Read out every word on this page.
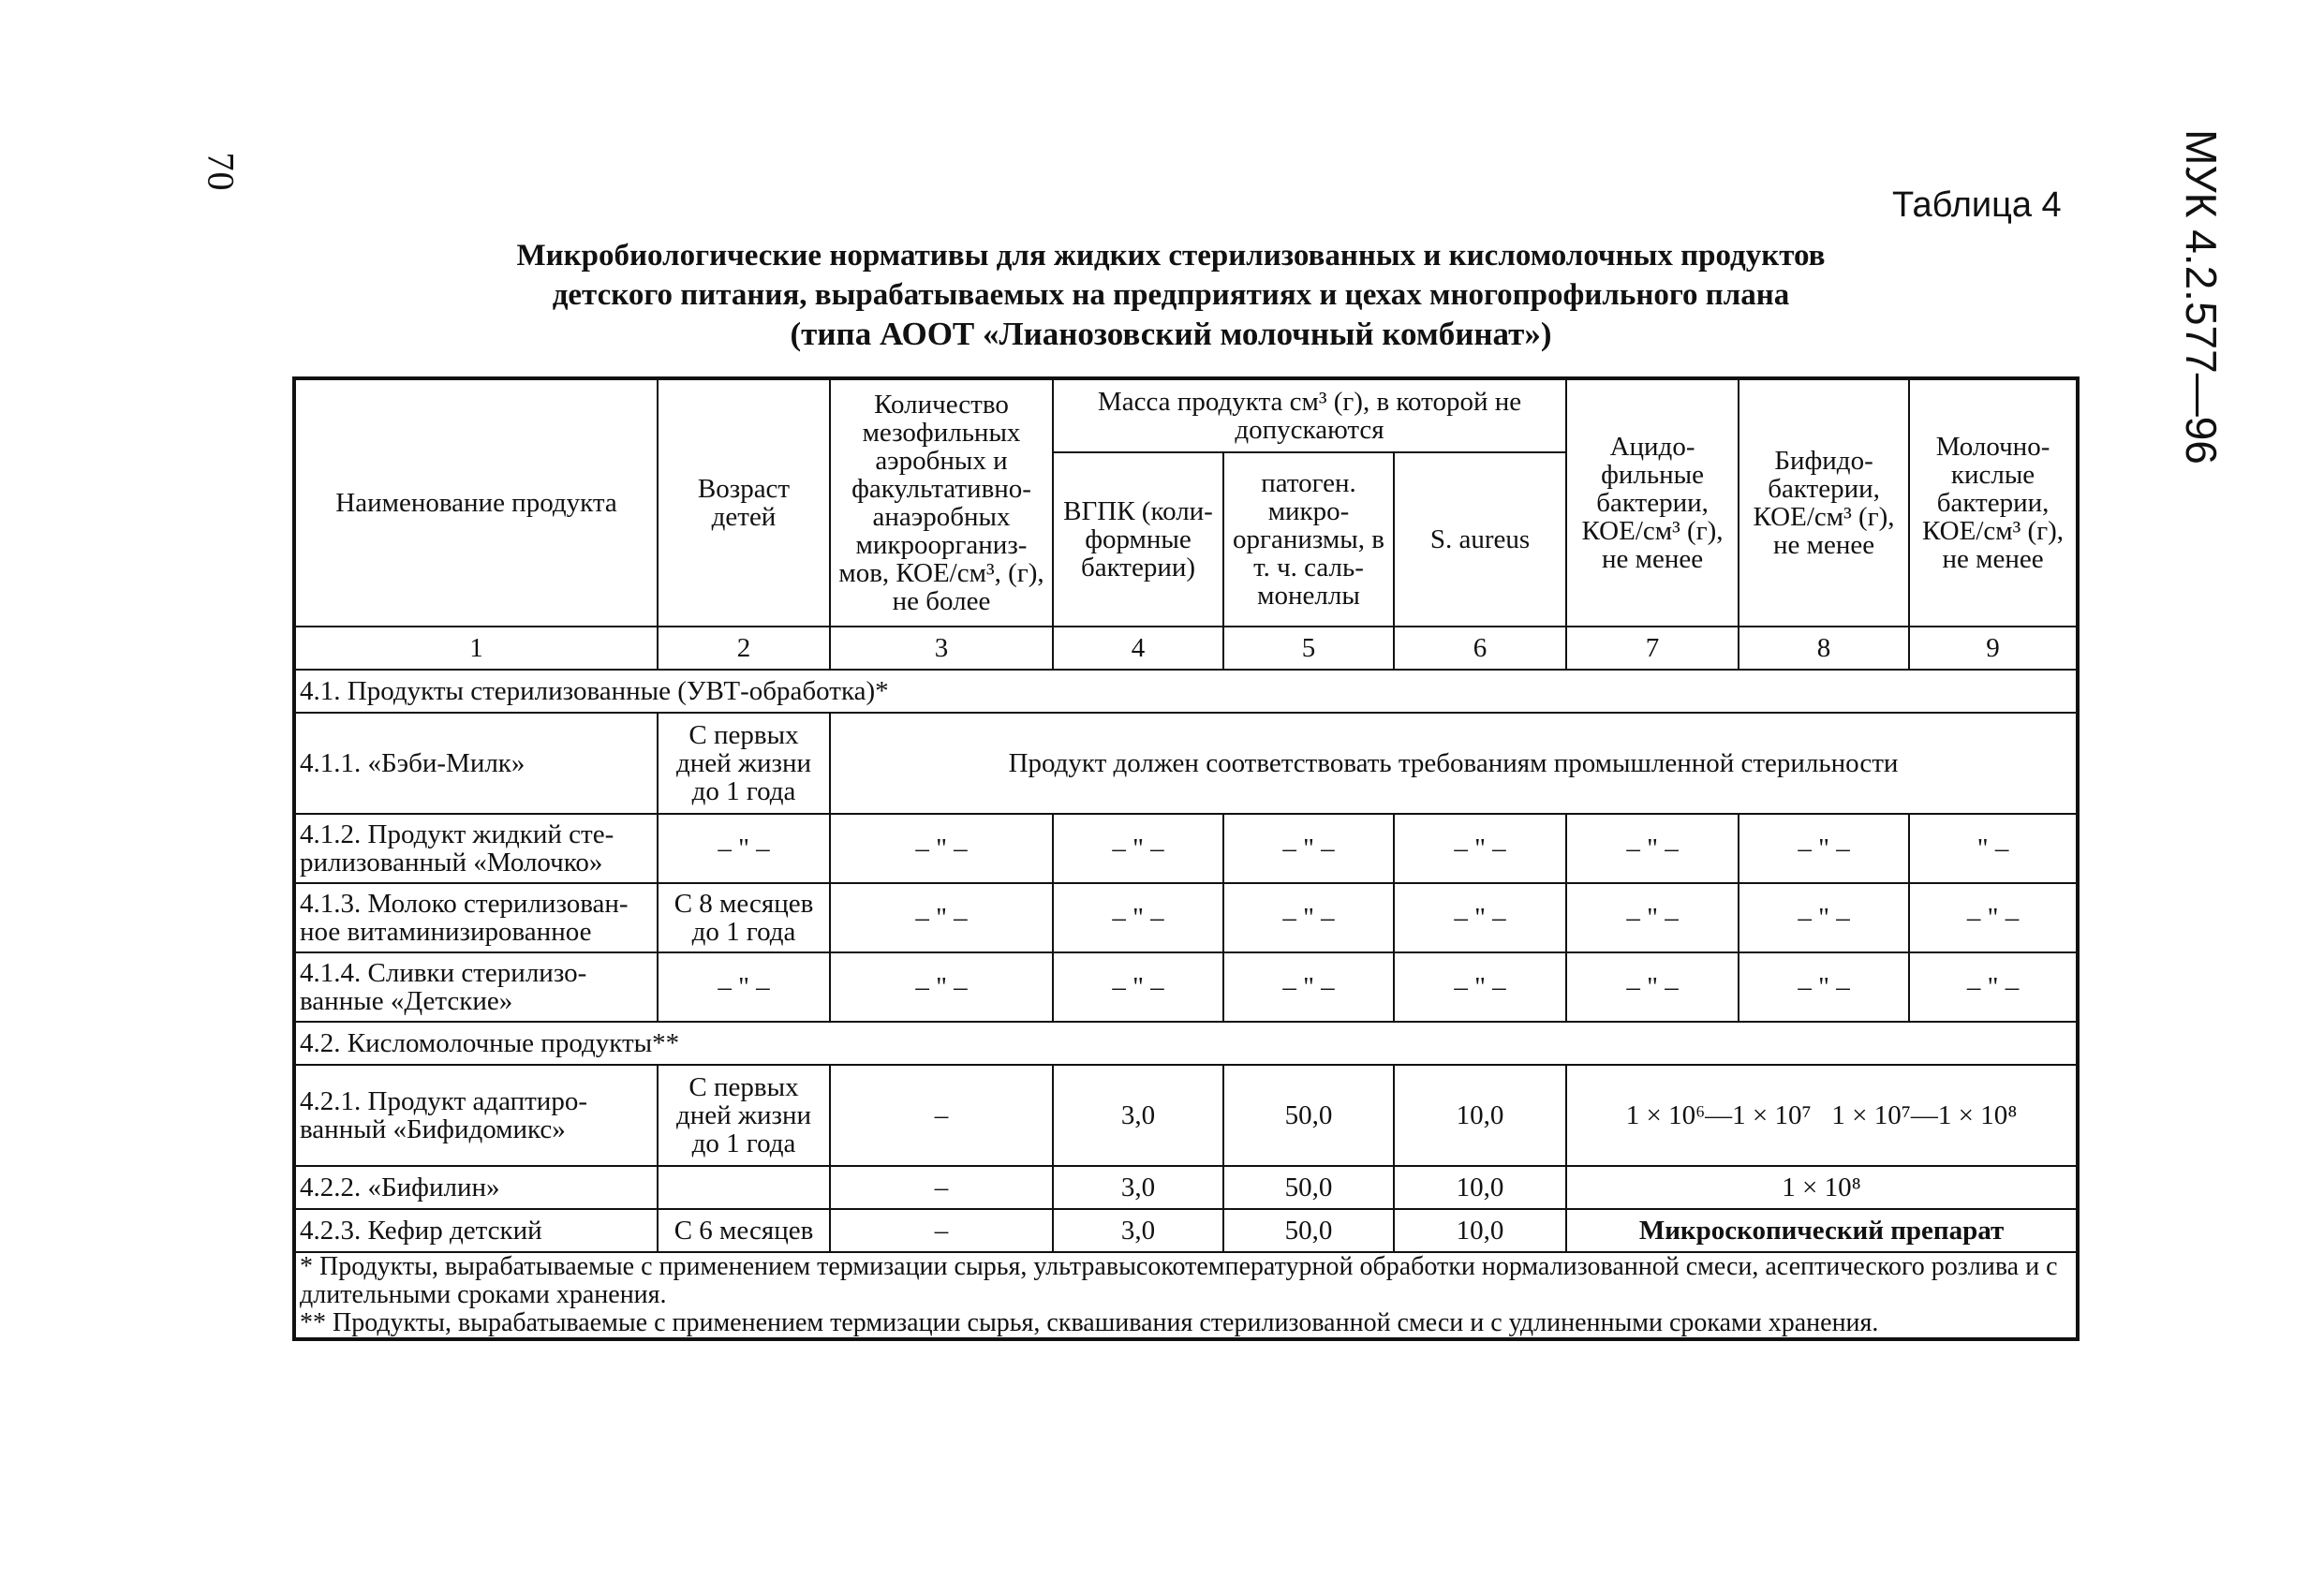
70	МУК 4.2.577—96
Таблица 4
Микробиологические нормативы для жидких стерилизованных и кисломолочных продуктов
детского питания, вырабатываемых на предприятиях и цехах многопрофильного плана
(типа АООТ «Лианозовский молочный комбинат»)
Наименование продукта	Возраст детей	Количество мезофильных аэробных и факультативно-анаэробных микроорганиз-мов, КОЕ/см³, (г), не более	Масса продукта см³ (г), в которой не допускаются			Ацидо-фильные бактерии, КОЕ/см³ (г), не менее	Бифидо-бактерии, КОЕ/см³ (г), не менее	Молочно-кислые бактерии, КОЕ/см³ (г), не менее
			ВГПК (коли-формные бактерии)	патоген. микро-организмы, в т. ч. саль-монеллы	S. aureus			
1	2	3	4	5	6	7	8	9
4.1. Продукты стерилизованные (УВТ-обработка)*								
4.1.1. «Бэби-Милк»	С первых дней жизни до 1 года	Продукт должен соответствовать требованиям промышленной стерильности						
4.1.2. Продукт жидкий сте-рилизованный «Молочко»	– " –	– " –	– " –	– " –	– " –	– " –	– " –	" –
4.1.3. Молоко стерилизован-ное витаминизированное	С 8 месяцев до 1 года	– " –	– " –	– " –	– " –	– " –	– " –	– " –
4.1.4. Сливки стерилизо-ванные «Детские»	– " –	– " –	– " –	– " –	– " –	– " –	– " –	– " –
4.2. Кисломолочные продукты**								
4.2.1. Продукт адаптиро-ванный «Бифидомикс»	С первых дней жизни до 1 года	–	3,0	50,0	10,0	1 × 10⁶—1 × 10⁷ 1 × 10⁷—1 × 10⁸		
4.2.2. «Бифилин»		–	3,0	50,0	10,0	1 × 10⁸		
4.2.3. Кефир детский	С 6 месяцев	–	3,0	50,0	10,0	Микроскопический препарат		

* Продукты, вырабатываемые с применением термизации сырья, ультравысокотемпературной обработки нормализованной смеси, асептического розлива и с длительными сроками хранения.
** Продукты, вырабатываемые с применением термизации сырья, сквашивания стерилизованной смеси и с удлиненными сроками хранения.								
